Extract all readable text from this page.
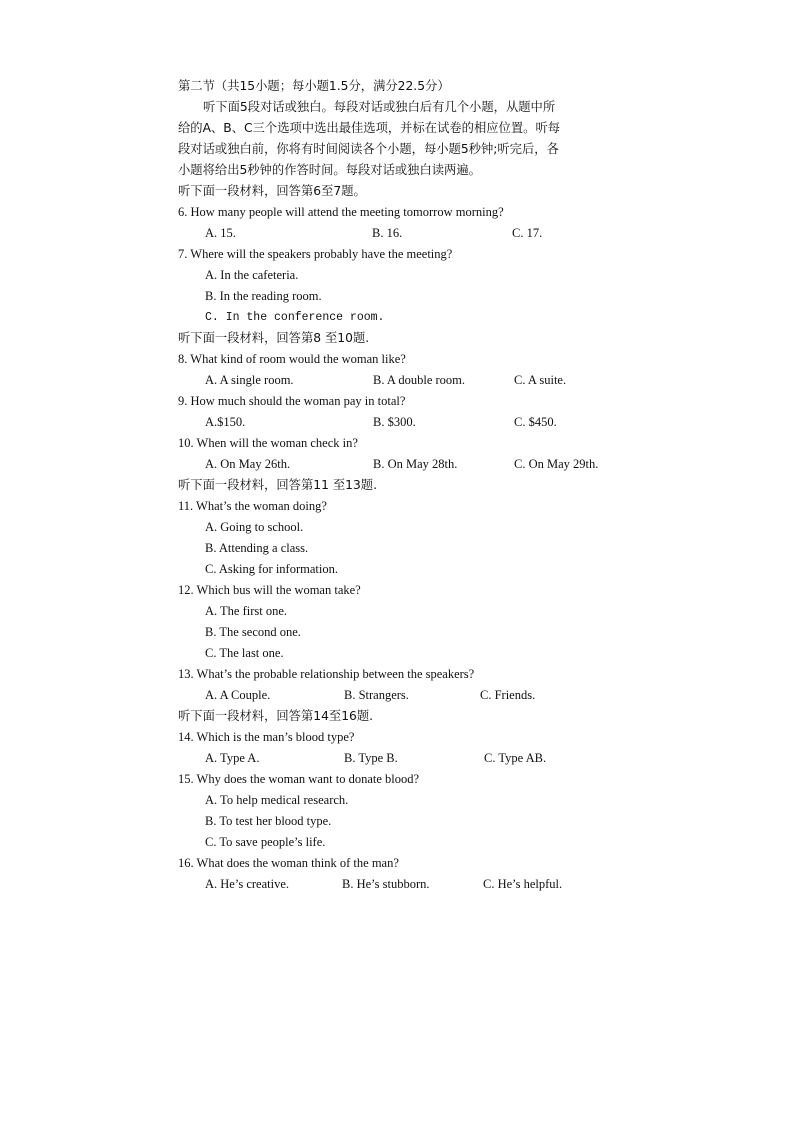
第二节（共15小题；每小题1.5分，满分22.5分）
听下面5段对话或独白。每段对话或独白后有几个小题，从题中所
给的A、B、C三个选项中选出最佳选项，并标在试卷的相应位置。听每
段对话或独白前，你将有时间阅读各个小题，每小题5秒钟;听完后，各
小题将给出5秒钟的作答时间。每段对话或独白读两遍。
听下面一段材料，回答第6至7题。
6. How many people will attend the meeting tomorrow morning?
A. 15.	B. 16.	C. 17.
7. Where will the speakers probably have the meeting?
A. In the cafeteria.
B. In the reading room.
C. In the conference room.
听下面一段材料，回答第8 至10题.
8. What kind of room would the woman like?
A. A single room.	B. A double room.	C. A suite.
9. How much should the woman pay in total?
A.$150.	B. $300.	C. $450.
10. When will the woman check in?
A. On May 26th.	B. On May 28th.	C. On May 29th.
听下面一段材料，回答第11 至13题.
11. What’s the woman doing?
A. Going to school.
B. Attending a class.
C. Asking for information.
12. Which bus will the woman take?
A. The first one.
B. The second one.
C. The last one.
13. What’s the probable relationship between the speakers?
A. A Couple.	B. Strangers.	C. Friends.
听下面一段材料，回答第14至16题.
14. Which is the man’s blood type?
A. Type A.	B. Type B.	C. Type AB.
15. Why does the woman want to donate blood?
A. To help medical research.
B. To test her blood type.
C. To save people’s life.
16. What does the woman think of the man?
A. He’s creative.	B. He’s stubborn.	C. He’s helpful.
